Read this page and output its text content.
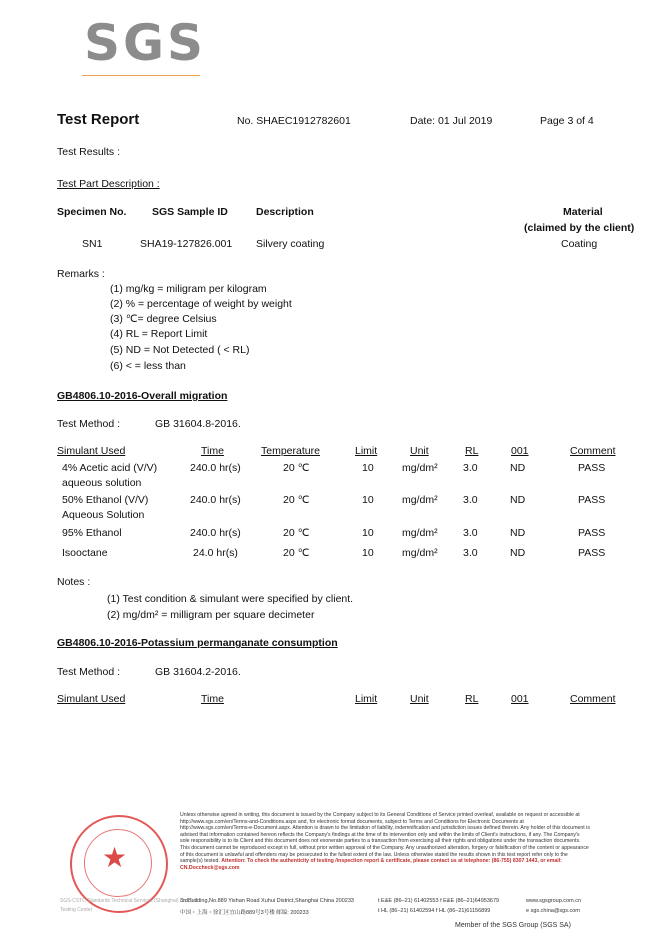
SGS
Test Report	No. SHAEC1912782601	Date: 01 Jul 2019	Page 3 of 4
Test Results :
Test Part Description :
Specimen No. SGS Sample ID	Description	Material
(claimed by the client)
SN1	SHA19-127826.001 Silvery coating	Coating
Remarks :
(1) mg/kg = miligram per kilogram
(2) % = percentage of weight by weight
(3) ℃= degree Celsius
(4) RL = Report Limit
(5) ND = Not Detected ( < RL)
(6) < = less than
GB4806.10-2016-Overall migration
Test Method :	GB 31604.8-2016.
Simulant Used	Time	Temperature	Limit	Unit	RL	001	Comment
4% Acetic acid (V/V)
aqueous solution
240.0 hr(s)	20 ℃	10	mg/dm² 3.0	ND	PASS
50% Ethanol (V/V)
Aqueous Solution
240.0 hr(s)	20 ℃	10	mg/dm² 3.0	ND	PASS
95% Ethanol	240.0 hr(s)	20 ℃	10	mg/dm² 3.0	ND	PASS
Isooctane	24.0 hr(s)	20 ℃	10	mg/dm² 3.0	ND	PASS
Notes :
(1) Test condition & simulant were specified by client.
(2) mg/dm² = milligram per square decimeter
GB4806.10-2016-Potassium permanganate consumption
Test Method :	GB 31604.2-2016.
Simulant Used	Time	Limit	Unit	RL	001	Comment
★
SGS-CSTC Standards Technical Services (Shanghai) Co., Ltd.
Testing Center
Unless otherwise agreed in writing, this document is issued by the Company subject to its General Conditions of Service printed overleaf, available on request or accessible at http://www.sgs.com/en/Terms-and-Conditions.aspx and, for electronic format documents, subject to Terms and Conditions for Electronic Documents at http://www.sgs.com/en/Terms-e-Document.aspx. Attention is drawn to the limitation of liability, indemnification and jurisdiction issues defined therein. Any holder of this document is advised that information contained hereon reflects the Company's findings at the time of its intervention only and within the limits of Client's instructions, if any. The Company's sole responsibility is to its Client and this document does not exonerate parties to a transaction from exercising all their rights and obligations under the transaction documents. This document cannot be reproduced except in full, without prior written approval of the Company. Any unauthorized alteration, forgery or falsification of the content or appearance of this document is unlawful and offenders may be prosecuted to the fullest extent of the law. Unless otherwise stated the results shown in this test report refer only to the sample(s) tested. Attention: To check the authenticity of testing /inspection report & certificate, please contact us at telephone: (86-755) 8307 1443, or email: CN.Doccheck@sgs.com
3rdBuilding,No.889 Yishan Road Xuhui District,Shanghai China 200233
中国・上海・徐汇区宜山路889号3号楼 邮编: 200233
t E&E (86–21) 61402553 f E&E (86–21)64953679
t HL (86–21) 61402594 f HL (86–21)61156899
www.sgsgroup.com.cn
e sgs.china@sgs.com
Member of the SGS Group (SGS SA)
